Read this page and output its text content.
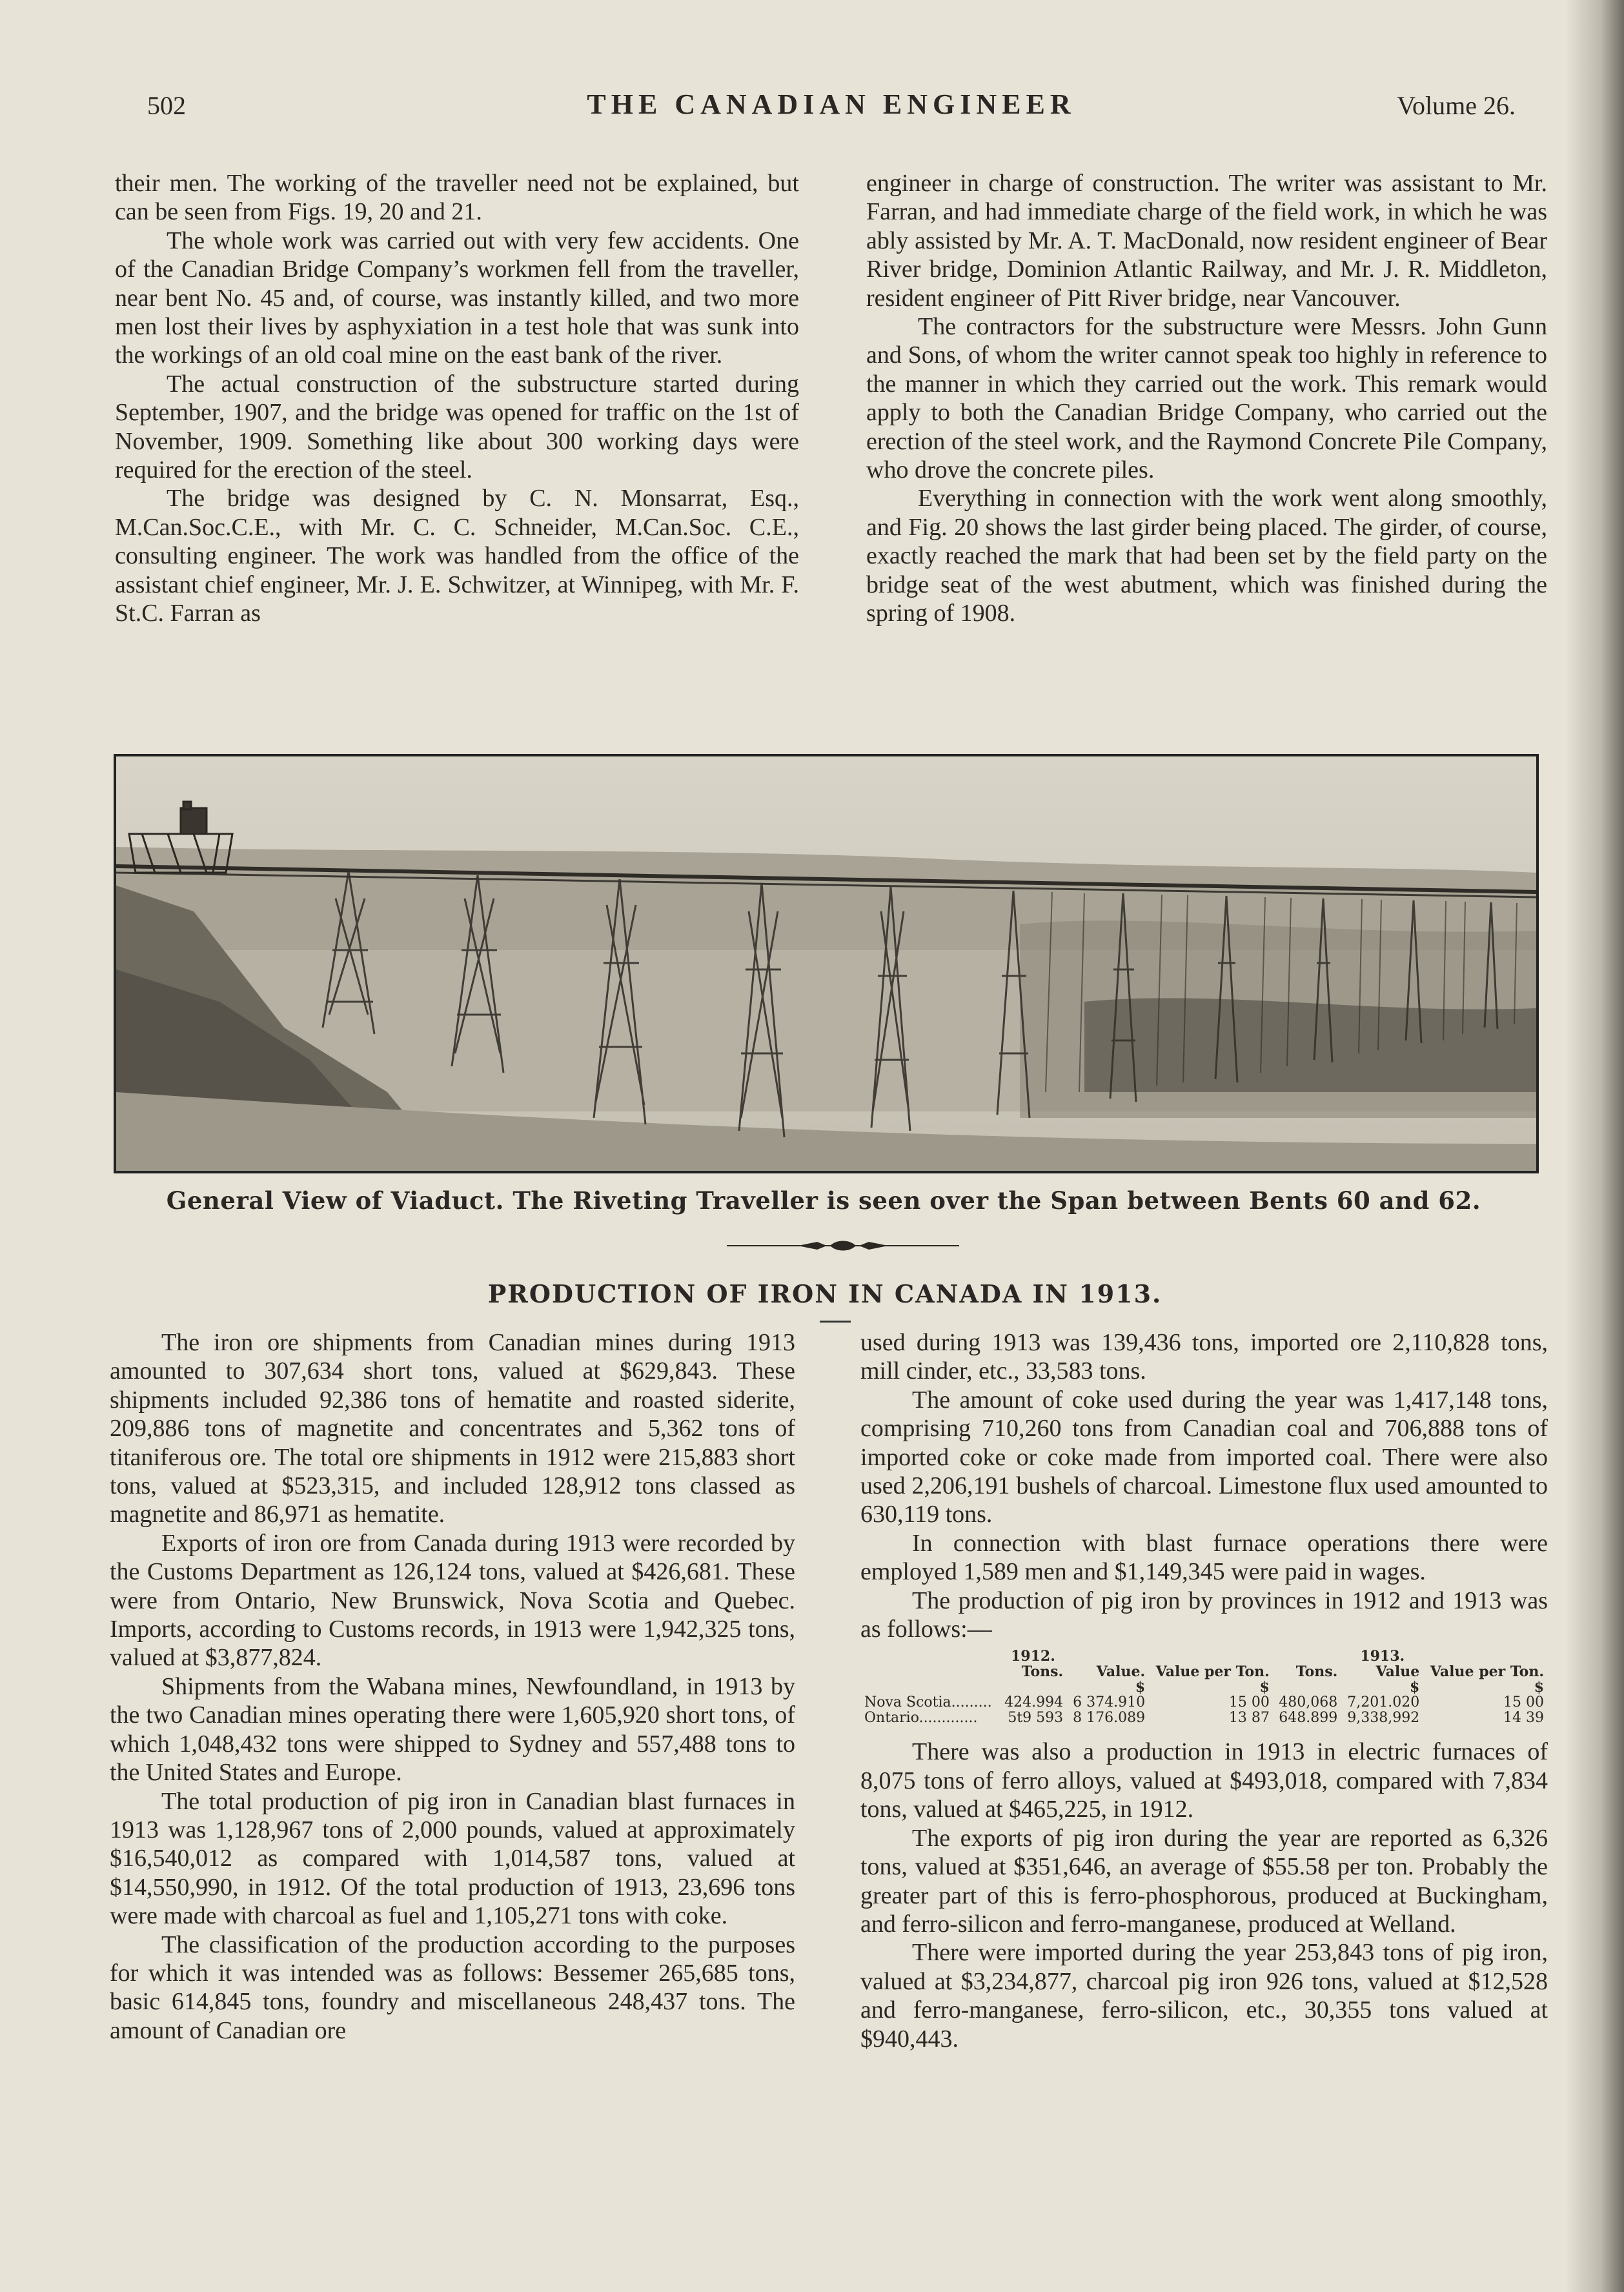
502	THE CANADIAN ENGINEER	Volume 26.

their men. The working of the traveller need not be explained, but can be seen from Figs. 19, 20 and 21.

The whole work was carried out with very few accidents. One of the Canadian Bridge Company’s workmen fell from the traveller, near bent No. 45 and, of course, was instantly killed, and two more men lost their lives by asphyxiation in a test hole that was sunk into the workings of an old coal mine on the east bank of the river.

The actual construction of the substructure started during September, 1907, and the bridge was opened for traffic on the 1st of November, 1909. Something like about 300 working days were required for the erection of the steel.

The bridge was designed by C. N. Monsarrat, Esq., M.Can.Soc.C.E., with Mr. C. C. Schneider, M.Can.Soc. C.E., consulting engineer. The work was handled from the office of the assistant chief engineer, Mr. J. E. Schwitzer, at Winnipeg, with Mr. F. St.C. Farran as

engineer in charge of construction. The writer was assistant to Mr. Farran, and had immediate charge of the field work, in which he was ably assisted by Mr. A. T. MacDonald, now resident engineer of Bear River bridge, Dominion Atlantic Railway, and Mr. J. R. Middleton, resident engineer of Pitt River bridge, near Vancouver.

The contractors for the substructure were Messrs. John Gunn and Sons, of whom the writer cannot speak too highly in reference to the manner in which they carried out the work. This remark would apply to both the Canadian Bridge Company, who carried out the erection of the steel work, and the Raymond Concrete Pile Company, who drove the concrete piles.

Everything in connection with the work went along smoothly, and Fig. 20 shows the last girder being placed. The girder, of course, exactly reached the mark that had been set by the field party on the bridge seat of the west abutment, which was finished during the spring of 1908.

General View of Viaduct. The Riveting Traveller is seen over the Span between Bents 60 and 62.
PRODUCTION OF IRON IN CANADA IN 1913.

The iron ore shipments from Canadian mines during 1913 amounted to 307,634 short tons, valued at $629,843. These shipments included 92,386 tons of hematite and roasted siderite, 209,886 tons of magnetite and concentrates and 5,362 tons of titaniferous ore. The total ore shipments in 1912 were 215,883 short tons, valued at $523,315, and included 128,912 tons classed as magnetite and 86,971 as hematite.

Exports of iron ore from Canada during 1913 were recorded by the Customs Department as 126,124 tons, valued at $426,681. These were from Ontario, New Brunswick, Nova Scotia and Quebec. Imports, according to Customs records, in 1913 were 1,942,325 tons, valued at $3,877,824.

Shipments from the Wabana mines, Newfoundland, in 1913 by the two Canadian mines operating there were 1,605,920 short tons, of which 1,048,432 tons were shipped to Sydney and 557,488 tons to the United States and Europe.

The total production of pig iron in Canadian blast furnaces in 1913 was 1,128,967 tons of 2,000 pounds, valued at approximately $16,540,012 as compared with 1,014,587 tons, valued at $14,550,990, in 1912. Of the total production of 1913, 23,696 tons were made with charcoal as fuel and 1,105,271 tons with coke.

The classification of the production according to the purposes for which it was intended was as follows: Bessemer 265,685 tons, basic 614,845 tons, foundry and miscellaneous 248,437 tons. The amount of Canadian ore

used during 1913 was 139,436 tons, imported ore 2,110,828 tons, mill cinder, etc., 33,583 tons.

The amount of coke used during the year was 1,417,148 tons, comprising 710,260 tons from Canadian coal and 706,888 tons of imported coke or coke made from imported coal. There were also used 2,206,191 bushels of charcoal. Limestone flux used amounted to 630,119 tons.

In connection with blast furnace operations there were employed 1,589 men and $1,149,345 were paid in wages.

The production of pig iron by provinces in 1912 and 1913 was as follows:—

	1912.				1913.	
	Tons.	Value.	Value per Ton.	Tons.	Value	Value per Ton.
		$	$		$	$
Nova Scotia.........	424.994	6 374.910	15 00	480,068	7,201.020	15 00
Ontario.............	5t9 593	8 176.089	13 87	648.899	9,338,992	14 39

There was also a production in 1913 in electric furnaces of 8,075 tons of ferro alloys, valued at $493,018, compared with 7,834 tons, valued at $465,225, in 1912.

The exports of pig iron during the year are reported as 6,326 tons, valued at $351,646, an average of $55.58 per ton. Probably the greater part of this is ferro-phosphorous, produced at Buckingham, and ferro-silicon and ferro-manganese, produced at Welland.

There were imported during the year 253,843 tons of pig iron, valued at $3,234,877, charcoal pig iron 926 tons, valued at $12,528 and ferro-manganese, ferro-silicon, etc., 30,355 tons valued at $940,443.
